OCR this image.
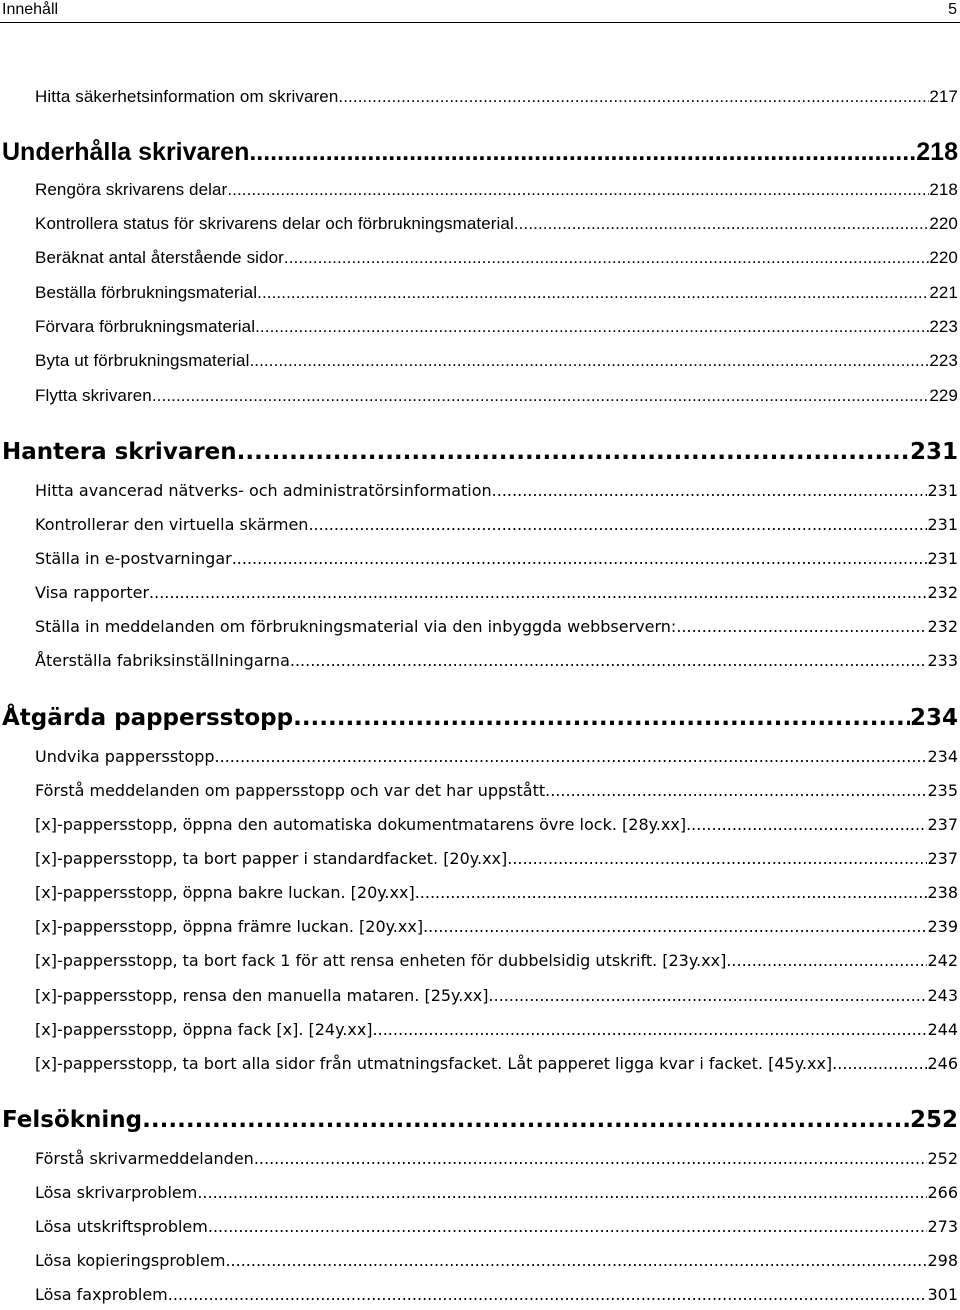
Innehåll	5
Hitta säkerhetsinformation om skrivaren .....	217
Underhålla skrivaren .....	218
Rengöra skrivarens delar .....	218
Kontrollera status för skrivarens delar och förbrukningsmaterial .....	220
Beräknat antal återstående sidor .....	220
Beställa förbrukningsmaterial .....	221
Förvara förbrukningsmaterial .....	223
Byta ut förbrukningsmaterial .....	223
Flytta skrivaren .....	229
Hantera skrivaren .....	231
Hitta avancerad nätverks- och administratörsinformation .....	231
Kontrollerar den virtuella skärmen .....	231
Ställa in e-postvarningar .....	231
Visa rapporter .....	232
Ställa in meddelanden om förbrukningsmaterial via den inbyggda webbservern: .....	232
Återställa fabriksinställningarna .....	233
Åtgärda pappersstopp .....	234
Undvika pappersstopp .....	234
Förstå meddelanden om pappersstopp och var det har uppstått .....	235
[x]‑pappersstopp, öppna den automatiska dokumentmatarens övre lock. [28y.xx] .....	237
[x]‑pappersstopp, ta bort papper i standardfacket. [20y.xx] .....	237
[x]‑pappersstopp, öppna bakre luckan. [20y.xx] .....	238
[x]‑pappersstopp, öppna främre luckan. [20y.xx] .....	239
[x]‑pappersstopp, ta bort fack 1 för att rensa enheten för dubbelsidig utskrift. [23y.xx] .....	242
[x]‑pappersstopp, rensa den manuella mataren. [25y.xx] .....	243
[x]‑pappersstopp, öppna fack [x]. [24y.xx] .....	244
[x]‑pappersstopp, ta bort alla sidor från utmatningsfacket. Låt papperet ligga kvar i facket. [45y.xx] .....	246
Felsökning .....	252
Förstå skrivarmeddelanden .....	252
Lösa skrivarproblem .....	266
Lösa utskriftsproblem .....	273
Lösa kopieringsproblem .....	298
Lösa faxproblem .....	301
